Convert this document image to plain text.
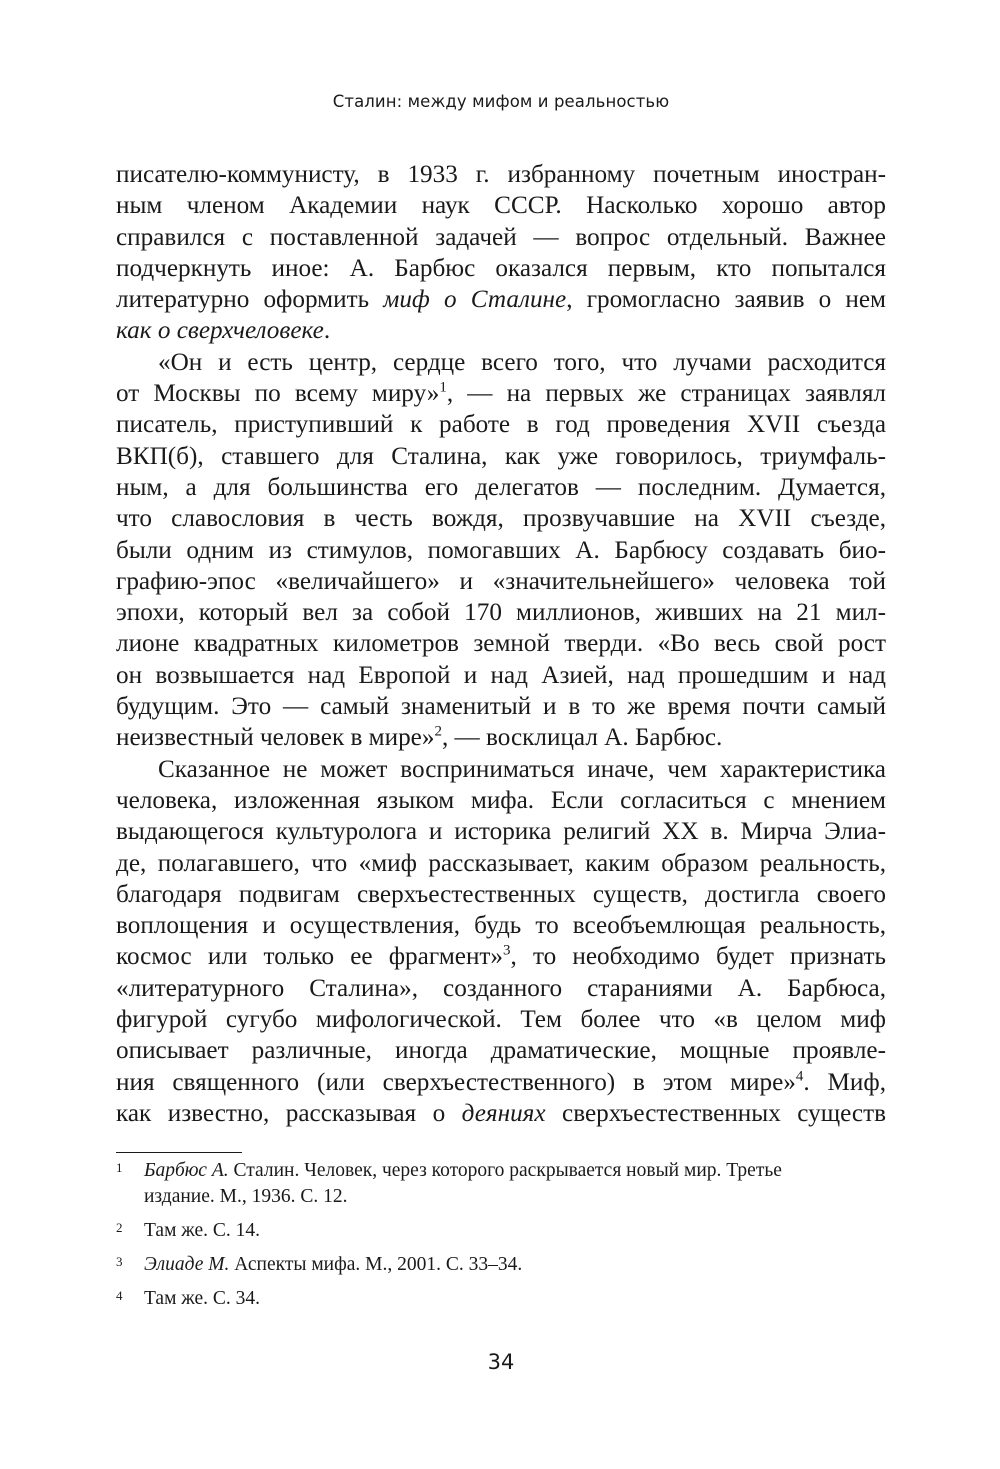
Сталин: между мифом и реальностью
писателю-коммунисту, в 1933 г. избранному почетным иностран-
ным членом Академии наук СССР. Насколько хорошо автор
справился с поставленной задачей — вопрос отдельный. Важнее
подчеркнуть иное: А. Барбюс оказался первым, кто попытался
литературно оформить миф о Сталине, громогласно заявив о нем
как о сверхчеловеке.
«Он и есть центр, сердце всего того, что лучами расходится
от Москвы по всему миру»$^1$, — на первых же страницах заявлял
писатель, приступивший к работе в год проведения XVII съезда
ВКП(б), ставшего для Сталина, как уже говорилось, триумфаль-
ным, а для большинства его делегатов — последним. Думается,
что славословия в честь вождя, прозвучавшие на XVII съезде,
были одним из стимулов, помогавших А. Барбюсу создавать био-
графию-эпос «величайшего» и «значительнейшего» человека той
эпохи, который вел за собой 170 миллионов, живших на 21 мил-
лионе квадратных километров земной тверди. «Во весь свой рост
он возвышается над Европой и над Азией, над прошедшим и над
будущим. Это — самый знаменитый и в то же время почти самый
неизвестный человек в мире»$^2$, — восклицал А. Барбюс.
Сказанное не может восприниматься иначе, чем характеристика
человека, изложенная языком мифа. Если согласиться с мнением
выдающегося культуролога и историка религий XX в. Мирча Элиа-
де, полагавшего, что «миф рассказывает, каким образом реальность,
благодаря подвигам сверхъестественных существ, достигла своего
воплощения и осуществления, будь то всеобъемлющая реальность,
космос или только ее фрагмент»$^3$, то необходимо будет признать
«литературного Сталина», созданного стараниями А. Барбюса,
фигурой сугубо мифологической. Тем более что «в целом миф
описывает различные, иногда драматические, мощные проявле-
ния священного (или сверхъестественного) в этом мире»$^4$. Миф,
как известно, рассказывая о деяниях сверхъестественных существ
1 Барбюс А. Сталин. Человек, через которого раскрывается новый мир. Третье
издание. М., 1936. С. 12.
2 Там же. С. 14.
3 Элиаде М. Аспекты мифа. М., 2001. С. 33–34.
4 Там же. С. 34.
34
